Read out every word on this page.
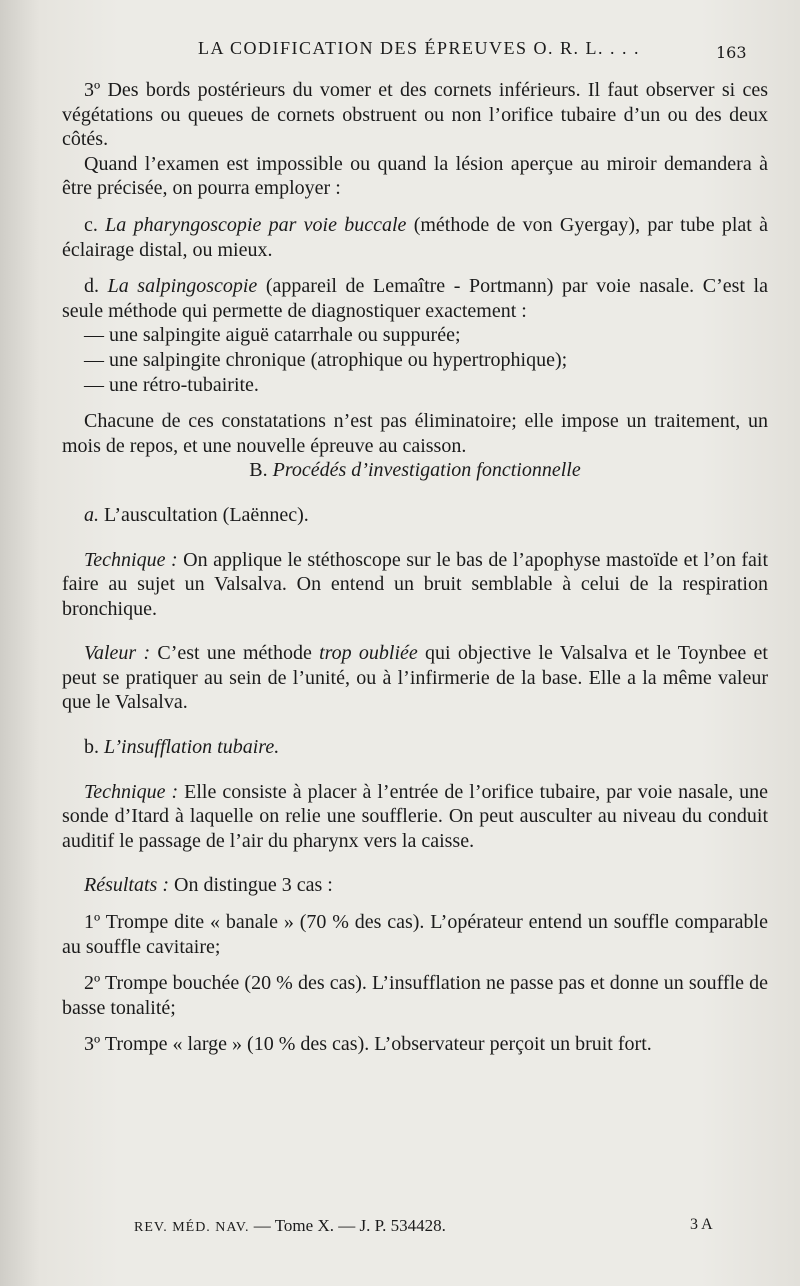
LA CODIFICATION DES ÉPREUVES O. R. L. . . .	163

3º Des bords postérieurs du vomer et des cornets inférieurs. Il faut observer si ces végétations ou queues de cornets obstruent ou non l’orifice tubaire d’un ou des deux côtés.

Quand l’examen est impossible ou quand la lésion aperçue au miroir demandera à être précisée, on pourra employer :

c. La pharyngoscopie par voie buccale (méthode de von Gyergay), par tube plat à éclairage distal, ou mieux.

d. La salpingoscopie (appareil de Lemaître - Portmann) par voie nasale. C’est la seule méthode qui permette de diagnostiquer exactement :

— une salpingite aiguë catarrhale ou suppurée;

— une salpingite chronique (atrophique ou hypertrophique);

— une rétro-tubairite.

Chacune de ces constatations n’est pas éliminatoire; elle impose un traitement, un mois de repos, et une nouvelle épreuve au caisson.

B. Procédés d’investigation fonctionnelle

a. L’auscultation (Laënnec).

Technique : On applique le stéthoscope sur le bas de l’apophyse mastoïde et l’on fait faire au sujet un Valsalva. On entend un bruit semblable à celui de la respiration bronchique.

Valeur : C’est une méthode trop oubliée qui objective le Valsalva et le Toynbee et peut se pratiquer au sein de l’unité, ou à l’infirmerie de la base. Elle a la même valeur que le Valsalva.

b. L’insufflation tubaire.

Technique : Elle consiste à placer à l’entrée de l’orifice tubaire, par voie nasale, une sonde d’Itard à laquelle on relie une soufflerie. On peut ausculter au niveau du conduit auditif le passage de l’air du pharynx vers la caisse.

Résultats : On distingue 3 cas :

1º Trompe dite « banale » (70 % des cas). L’opérateur entend un souffle comparable au souffle cavitaire;

2º Trompe bouchée (20 % des cas). L’insufflation ne passe pas et donne un souffle de basse tonalité;

3º Trompe « large » (10 % des cas). L’observateur perçoit un bruit fort.

REV. MÉD. NAV. — Tome X. — J. P. 534428.	3 A
